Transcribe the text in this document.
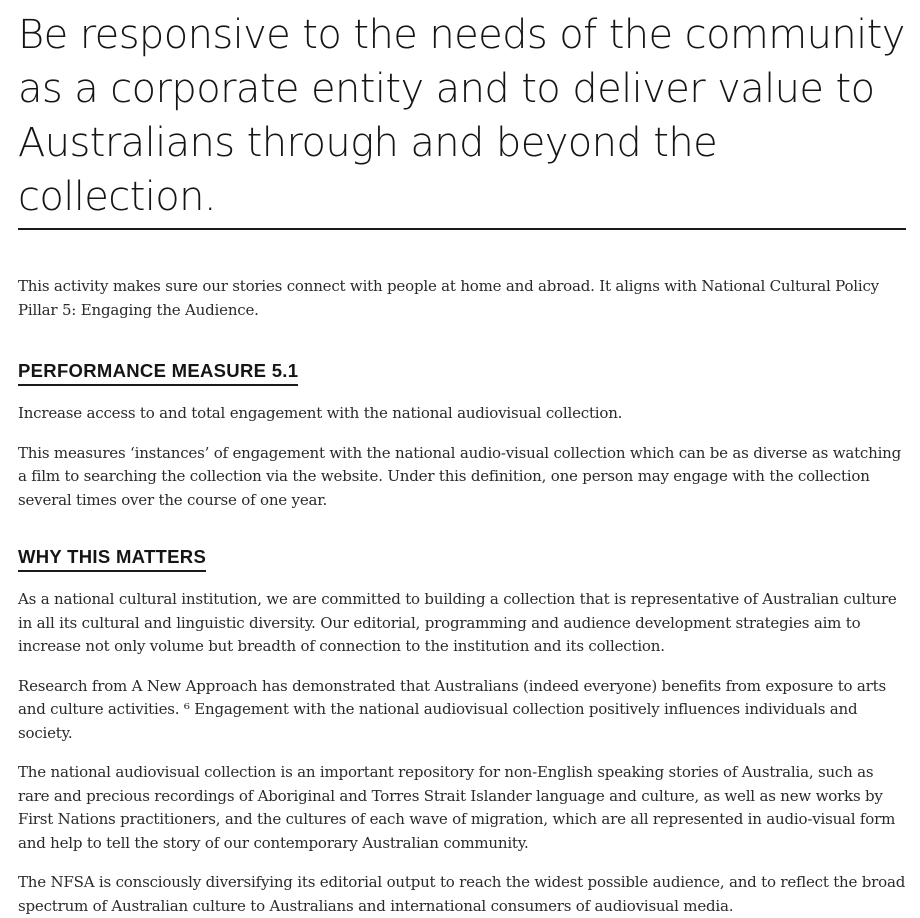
Be responsive to the needs of the community as a corporate entity and to deliver value to Australians through and beyond the collection.

This activity makes sure our stories connect with people at home and abroad. It aligns with National Cultural Policy Pillar 5: Engaging the Audience.

PERFORMANCE MEASURE 5.1

Increase access to and total engagement with the national audiovisual collection.

This measures ‘instances’ of engagement with the national audio-visual collection which can be as diverse as watching a film to searching the collection via the website. Under this definition, one person may engage with the collection several times over the course of one year.

WHY THIS MATTERS

As a national cultural institution, we are committed to building a collection that is representative of Australian culture in all its cultural and linguistic diversity. Our editorial, programming and audience development strategies aim to increase not only volume but breadth of connection to the institution and its collection.

Research from A New Approach has demonstrated that Australians (indeed everyone) benefits from exposure to arts and culture activities. ⁶ Engagement with the national audiovisual collection positively influences individuals and society.

The national audiovisual collection is an important repository for non-English speaking stories of Australia, such as rare and precious recordings of Aboriginal and Torres Strait Islander language and culture, as well as new works by First Nations practitioners, and the cultures of each wave of migration, which are all represented in audio-visual form and help to tell the story of our contemporary Australian community.

The NFSA is consciously diversifying its editorial output to reach the widest possible audience, and to reflect the broad spectrum of Australian culture to Australians and international consumers of audiovisual media.
